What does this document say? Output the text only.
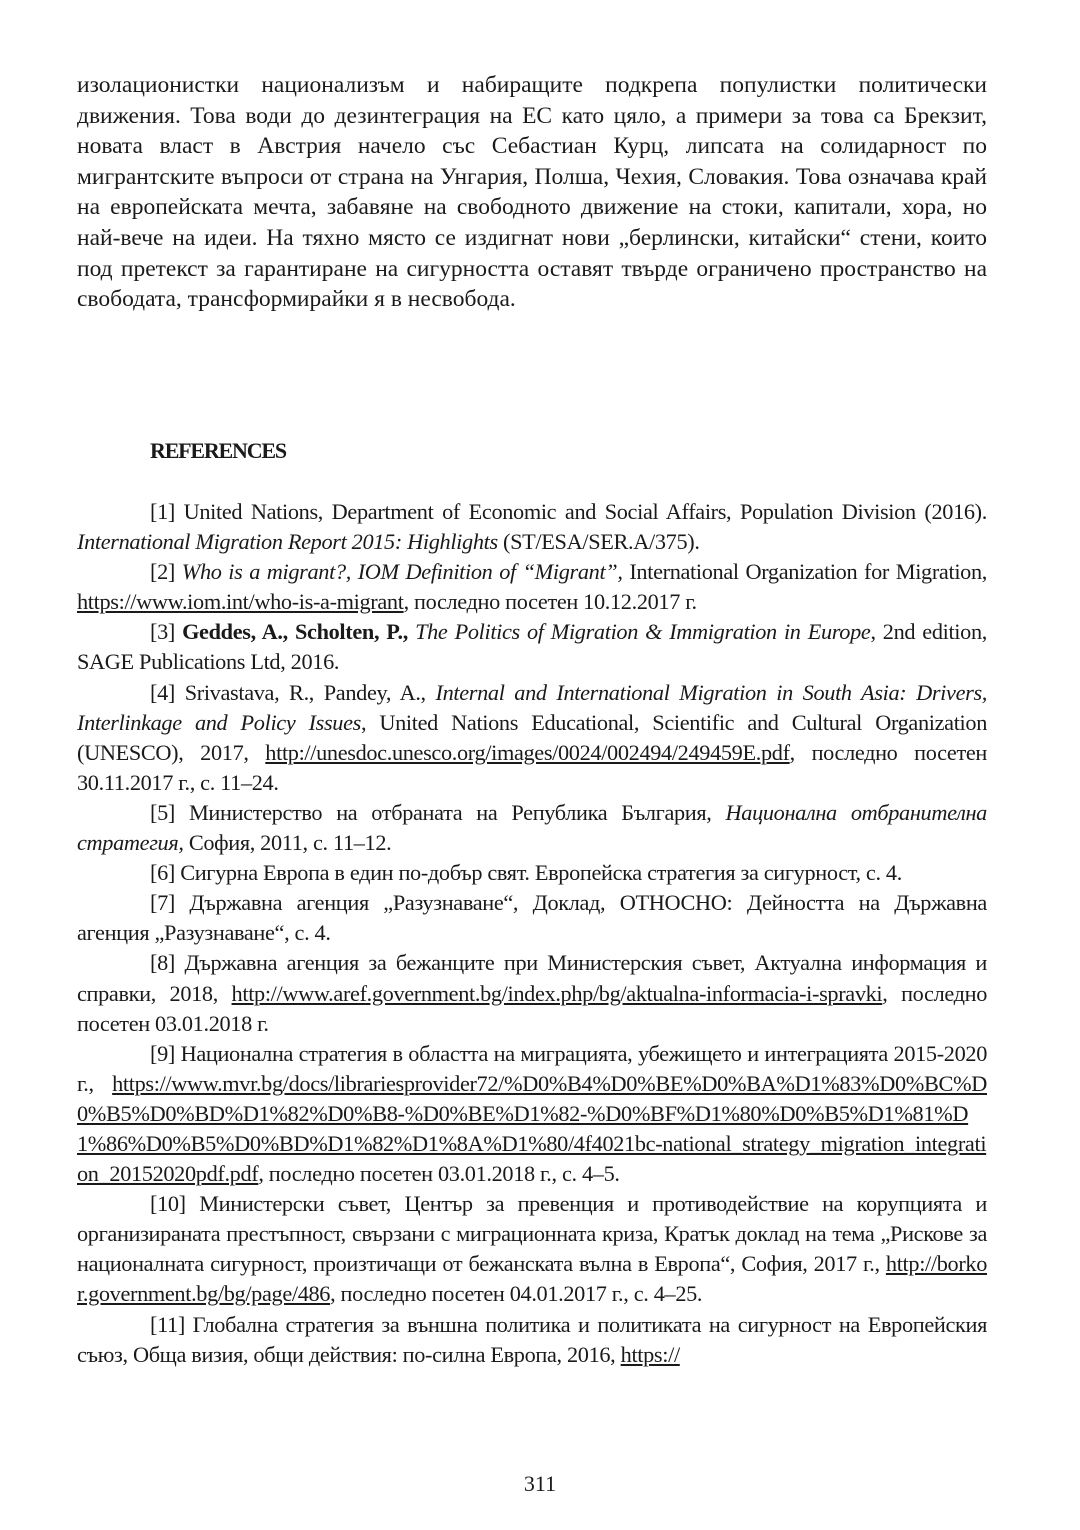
изолационистки национализъм и набиращите подкрепа популистки политически движения. Това води до дезинтеграция на ЕС като цяло, а примери за това са Брекзит, новата власт в Австрия начело със Себастиан Курц, липсата на солидарност по мигрантските въпроси от страна на Унгария, Полша, Чехия, Словакия. Това означава край на европейската мечта, забавяне на свободното движение на стоки, капитали, хора, но най-вече на идеи. На тяхно място се издигнат нови „берлински, китайски“ стени, които под претекст за гарантиране на сигурността оставят твърде ограничено пространство на свободата, трансформирайки я в несвобода.

REFERENCES

[1] United Nations, Department of Economic and Social Affairs, Population Division (2016). International Migration Report 2015: Highlights (ST/ESA/SER.A/375).

[2] Who is a migrant?, IOM Definition of “Migrant”, International Organization for Migration, https://www.iom.int/who-is-a-migrant, последно посетен 10.12.2017 г.

[3] Geddes, A., Scholten, P., The Politics of Migration & Immigration in Europe, 2nd edition, SAGE Publications Ltd, 2016.

[4] Srivastava, R., Pandey, A., Internal and International Migration in South Asia: Drivers, Interlinkage and Policy Issues, United Nations Educational, Scientific and Cultural Organization (UNESCO), 2017, http://unesdoc.unesco.org/images/0024/002494/249459E.pdf, последно посетен 30.11.2017 г., с. 11–24.

[5] Министерство на отбраната на Република България, Национална отбранителна стратегия, София, 2011, с. 11–12.

[6] Сигурна Европа в един по-добър свят. Европейска стратегия за сигурност, с. 4.

[7] Държавна агенция „Разузнаване“, Доклад, ОТНОСНО: Дейността на Държавна агенция „Разузнаване“, с. 4.

[8] Държавна агенция за бежанците при Министерския съвет, Актуална информация и справки, 2018, http://www.aref.government.bg/index.php/bg/aktualna-informacia-i-spravki, последно посетен 03.01.2018 г.

[9] Национална стратегия в областта на миграцията, убежището и интеграцията 2015-2020 г., https://www.mvr.bg/docs/librariesprovider72/%D0%B4%D0%BE%D0%BA%D1%83%D0%BC%D0%B5%D0%BD%D1%82%D0%B8-%D0%BE%D1%82-%D0%BF%D1%80%D0%B5%D1%81%D1%86%D0%B5%D0%BD%D1%82%D1%8A%D1%80/4f4021bc-national_strategy_migration_integration_20152020pdf.pdf, последно посетен 03.01.2018 г., с. 4–5.

[10] Министерски съвет, Център за превенция и противодействие на корупцията и организираната престъпност, свързани с миграционната криза, Кратък доклад на тема „Рискове за националната сигурност, произтичащи от бежанската вълна в Европа“, София, 2017 г., http://borkor.government.bg/bg/page/486, последно посетен 04.01.2017 г., с. 4–25.

[11] Глобална стратегия за външна политика и политиката на сигурност на Европейския съюз, Обща визия, общи действия: по-силна Европа, 2016, https://

311
